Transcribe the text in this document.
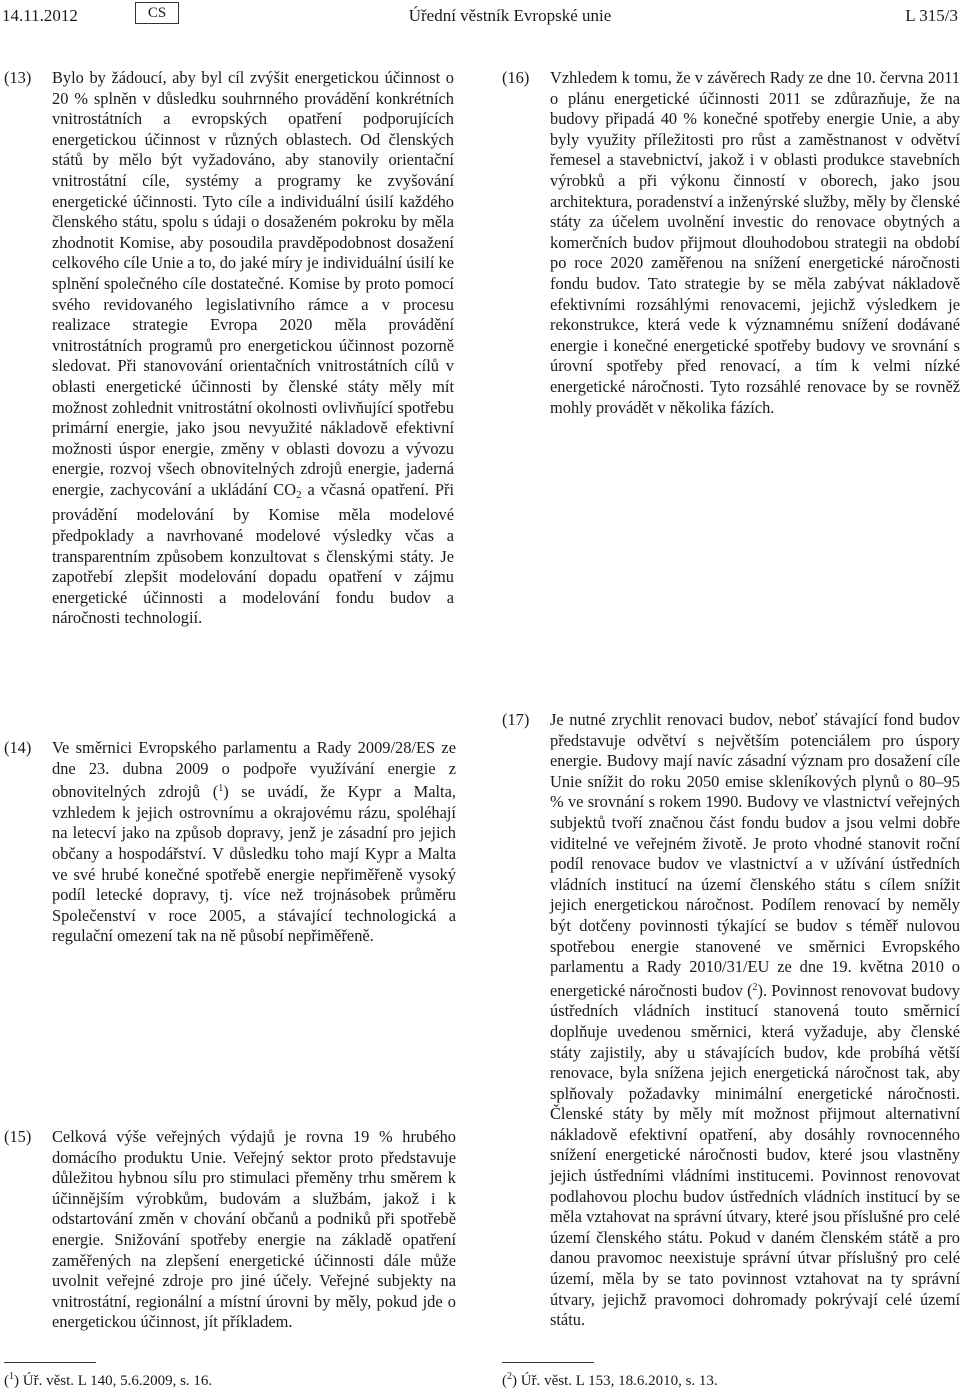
14.11.2012	CS	Úřední věstník Evropské unie	L 315/3
(13)	Bylo by žádoucí, aby byl cíl zvýšit energetickou účinnost o 20 % splněn v důsledku souhrnného provádění konkrétních vnitrostátních a evropských opatření podporujících energetickou účinnost v různých oblastech. Od členských států by mělo být vyžadováno, aby stanovily orientační vnitrostátní cíle, systémy a programy ke zvyšování energetické účinnosti. Tyto cíle a individuální úsilí každého členského státu, spolu s údaji o dosaženém pokroku by měla zhodnotit Komise, aby posoudila pravděpodobnost dosažení celkového cíle Unie a to, do jaké míry je individuální úsilí ke splnění společného cíle dostatečné. Komise by proto pomocí svého revidovaného legislativního rámce a v procesu realizace strategie Evropa 2020 měla provádění vnitrostátních programů pro energetickou účinnost pozorně sledovat. Při stanovování orientačních vnitrostátních cílů v oblasti energetické účinnosti by členské státy měly mít možnost zohlednit vnitrostátní okolnosti ovlivňující spotřebu primární energie, jako jsou nevyužité nákladově efektivní možnosti úspor energie, změny v oblasti dovozu a vývozu energie, rozvoj všech obnovitelných zdrojů energie, jaderná energie, zachycování a ukládání $CO_2$ a včasná opatření. Při provádění modelování by Komise měla modelové předpoklady a navrhované modelové výsledky včas a transparentním způsobem konzultovat s členskými státy. Je zapotřebí zlepšit modelování dopadu opatření v zájmu energetické účinnosti a modelování fondu budov a náročnosti technologií.
(16)	Vzhledem k tomu, že v závěrech Rady ze dne 10. června 2011 o plánu energetické účinnosti 2011 se zdůrazňuje, že na budovy připadá 40 % konečné spotřeby energie Unie, a aby byly využity příležitosti pro růst a zaměstnanost v odvětví řemesel a stavebnictví, jakož i v oblasti produkce stavebních výrobků a při výkonu činností v oborech, jako jsou architektura, poradenství a inženýrské služby, měly by členské státy za účelem uvolnění investic do renovace obytných a komerčních budov přijmout dlouhodobou strategii na období po roce 2020 zaměřenou na snížení energetické náročnosti fondu budov. Tato strategie by se měla zabývat nákladově efektivními rozsáhlými renovacemi, jejichž výsledkem je rekonstrukce, která vede k významnému snížení dodávané energie i konečné energetické spotřeby budovy ve srovnání s úrovní spotřeby před renovací, a tím k velmi nízké energetické náročnosti. Tyto rozsáhlé renovace by se rovněž mohly provádět v několika fázích.
(14)	Ve směrnici Evropského parlamentu a Rady 2009/28/ES ze dne 23. dubna 2009 o podpoře využívání energie z obnovitelných zdrojů ($^1$) se uvádí, že Kypr a Malta, vzhledem k jejich ostrovnímu a okrajovému rázu, spoléhají na letecví jako na způsob dopravy, jenž je zásadní pro jejich občany a hospodářství. V důsledku toho mají Kypr a Malta ve své hrubé konečné spotřebě energie nepřiměřeně vysoký podíl letecké dopravy, tj. více než trojnásobek průměru Společenství v roce 2005, a stávající technologická a regulační omezení tak na ně působí nepřiměřeně.
(15)	Celková výše veřejných výdajů je rovna 19 % hrubého domácího produktu Unie. Veřejný sektor proto představuje důležitou hybnou sílu pro stimulaci přeměny trhu směrem k účinnějším výrobkům, budovám a službám, jakož i k odstartování změn v chování občanů a podniků při spotřebě energie. Snižování spotřeby energie na základě opatření zaměřených na zlepšení energetické účinnosti dále může uvolnit veřejné zdroje pro jiné účely. Veřejné subjekty na vnitrostátní, regionální a místní úrovni by měly, pokud jde o energetickou účinnost, jít příkladem.
(17)	Je nutné zrychlit renovaci budov, neboť stávající fond budov představuje odvětví s největším potenciálem pro úspory energie. Budovy mají navíc zásadní význam pro dosažení cíle Unie snížit do roku 2050 emise skleníkových plynů o 80–95 % ve srovnání s rokem 1990. Budovy ve vlastnictví veřejných subjektů tvoří značnou část fondu budov a jsou velmi dobře viditelné ve veřejném životě. Je proto vhodné stanovit roční podíl renovace budov ve vlastnictví a v užívání ústředních vládních institucí na území členského státu s cílem snížit jejich energetickou náročnost. Podílem renovací by neměly být dotčeny povinnosti týkající se budov s téměř nulovou spotřebou energie stanovené ve směrnici Evropského parlamentu a Rady 2010/31/EU ze dne 19. května 2010 o energetické náročnosti budov ($^2$). Povinnost renovovat budovy ústředních vládních institucí stanovená touto směrnicí doplňuje uvedenou směrnici, která vyžaduje, aby členské státy zajistily, aby u stávajících budov, kde probíhá větší renovace, byla snížena jejich energetická náročnost tak, aby splňovaly požadavky minimální energetické náročnosti. Členské státy by měly mít možnost přijmout alternativní nákladově efektivní opatření, aby dosáhly rovnocenného snížení energetické náročnosti budov, které jsou vlastněny jejich ústředními vládními institucemi. Povinnost renovovat podlahovou plochu budov ústředních vládních institucí by se měla vztahovat na správní útvary, které jsou příslušné pro celé území členského státu. Pokud v daném členském státě a pro danou pravomoc neexistuje správní útvar příslušný pro celé území, měla by se tato povinnost vztahovat na ty správní útvary, jejichž pravomoci dohromady pokrývají celé území státu.
($^1$) Úř. věst. L 140, 5.6.2009, s. 16.	($^2$) Úř. věst. L 153, 18.6.2010, s. 13.
